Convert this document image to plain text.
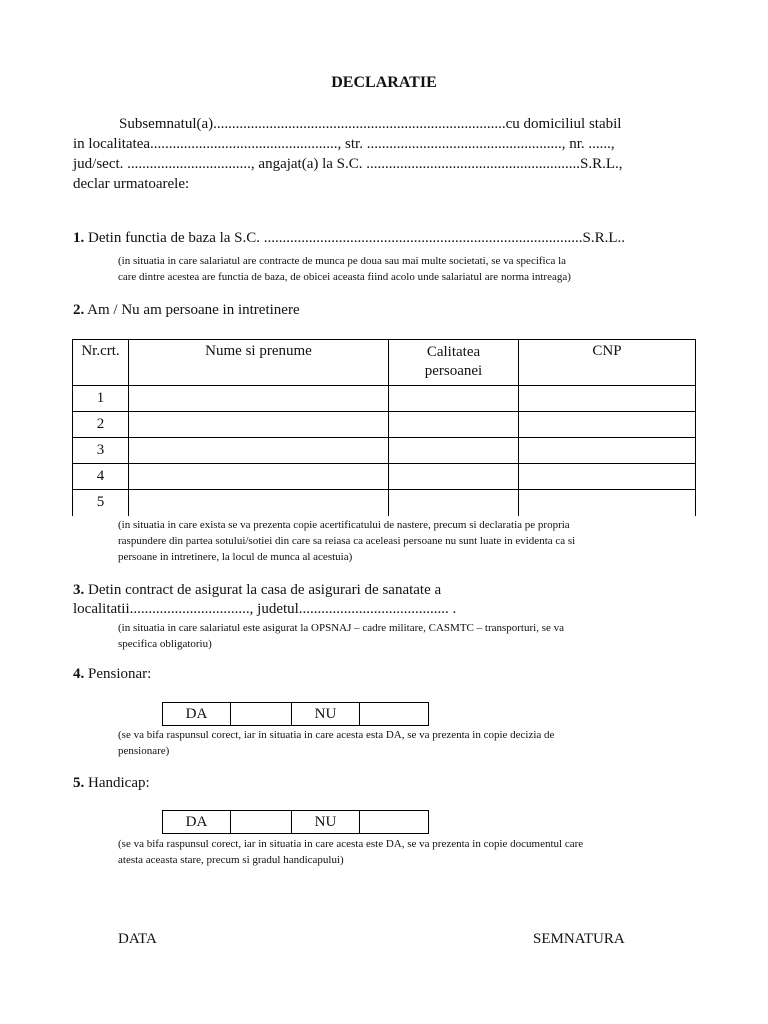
DECLARATIE
Subsemnatul(a)..............................................................................cu domiciliul stabil
in localitatea.................................................., str. ...................................................., nr. ......,
jud/sect. ................................., angajat(a) la S.C. .........................................................S.R.L.,
declar urmatoarele:
1. Detin functia de baza la S.C. .....................................................................................S.R.L..
(in situatia in care salariatul are contracte de munca pe doua sau mai multe societati, se va specifica la
care dintre acestea are functia de baza, de obicei aceasta fiind acolo unde salariatul are norma intreaga)
2. Am / Nu am persoane in intretinere
Nr.crt.	Nume si prenume	Calitatea persoanei	CNP
1			
2			
3			
4			
5			
(in situatia in care exista se va prezenta copie acertificatului de nastere, precum si declaratia pe propria
raspundere din partea sotului/sotiei din care sa reiasa ca aceleasi persoane nu sunt luate in evidenta ca si
persoane in intretinere, la locul de munca al acestuia)
3. Detin contract de asigurat la casa de asigurari de sanatate a
localitatii................................, judetul........................................ .
(in situatia in care salariatul este asigurat la OPSNAJ – cadre militare, CASMTC – transporturi, se va
specifica obligatoriu)
4. Pensionar:
DA		NU	
(se va bifa raspunsul corect, iar in situatia in care acesta esta DA, se va prezenta in copie decizia de
pensionare)
5. Handicap:
DA		NU	
(se va bifa raspunsul corect, iar in situatia in care acesta este DA, se va prezenta in copie documentul care
atesta aceasta stare, precum si gradul handicapului)
DATA	SEMNATURA
